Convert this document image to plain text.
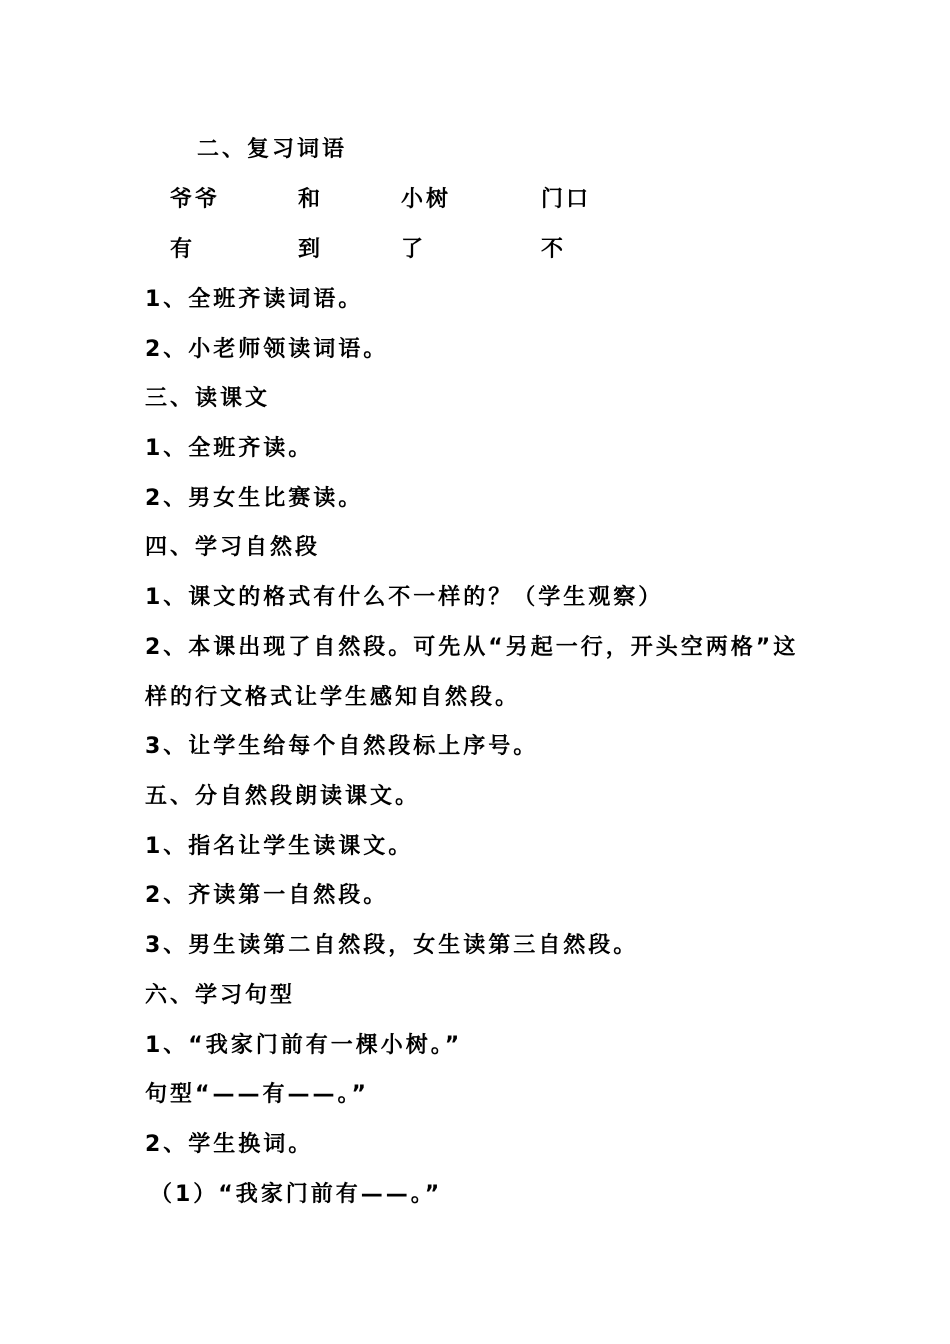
二、复习词语
爷爷	和	小树	门口
有	到	了	不
1、全班齐读词语。
2、小老师领读词语。
三、读课文
1、全班齐读。
2、男女生比赛读。
四、学习自然段
1、课文的格式有什么不一样的？（学生观察）
2、本课出现了自然段。可先从“另起一行，开头空两格”这
样的行文格式让学生感知自然段。
3、让学生给每个自然段标上序号。
五、分自然段朗读课文。
1、指名让学生读课文。
2、齐读第一自然段。
3、男生读第二自然段，女生读第三自然段。
六、学习句型
1、“我家门前有一棵小树。”
句型“——有——。”
2、学生换词。
（1）“我家门前有——。”
